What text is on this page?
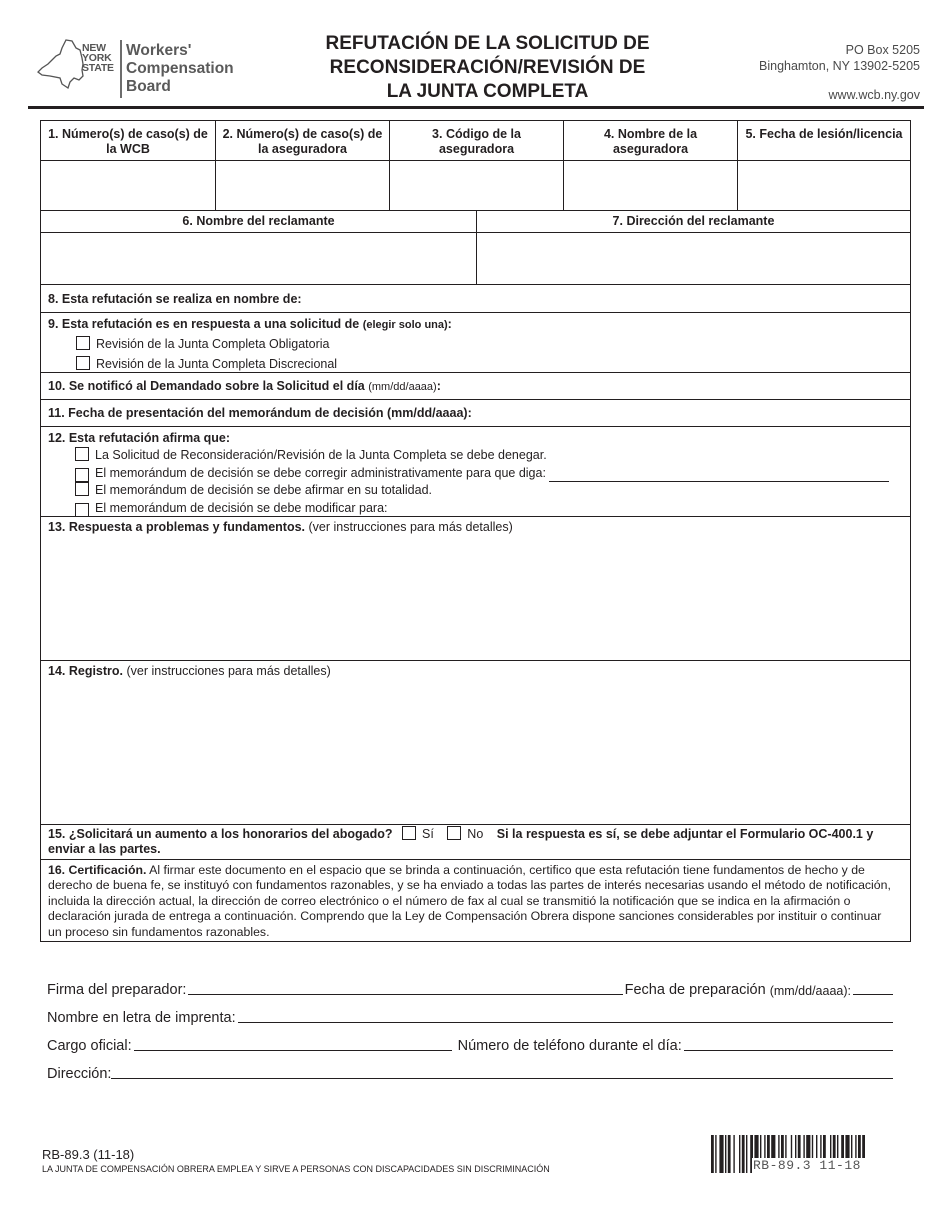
NEW
YORK
STATE
Workers'
Compensation
Board
REFUTACIÓN DE LA SOLICITUD DE
RECONSIDERACIÓN/REVISIÓN DE
LA JUNTA COMPLETA
PO Box 5205
Binghamton, NY 13902-5205
www.wcb.ny.gov
1. Número(s) de caso(s) de la WCB
2. Número(s) de caso(s) de la aseguradora
3. Código de la aseguradora
4. Nombre de la aseguradora
5. Fecha de lesión/licencia
6. Nombre del reclamante	7. Dirección del reclamante
8. Esta refutación se realiza en nombre de:
9. Esta refutación es en respuesta a una solicitud de (elegir solo una):
Revisión de la Junta Completa Obligatoria
Revisión de la Junta Completa Discrecional
10. Se notificó al Demandado sobre la Solicitud el día (mm/dd/aaaa):
11. Fecha de presentación del memorándum de decisión (mm/dd/aaaa):
12. Esta refutación afirma que:
La Solicitud de Reconsideración/Revisión de la Junta Completa se debe denegar.
El memorándum de decisión se debe corregir administrativamente para que diga:
El memorándum de decisión se debe afirmar en su totalidad.
El memorándum de decisión se debe modificar para:
13. Respuesta a problemas y fundamentos. (ver instrucciones para más detalles)
14. Registro. (ver instrucciones para más detalles)
15. ¿Solicitará un aumento a los honorarios del abogado? Sí	No Si la respuesta es sí, se debe adjuntar el Formulario OC-400.1 y
enviar a las partes.
16. Certificación. Al firmar este documento en el espacio que se brinda a continuación, certifico que esta refutación tiene fundamentos de hecho y de
derecho de buena fe, se instituyó con fundamentos razonables, y se ha enviado a todas las partes de interés necesarias usando el método de notificación,
incluida la dirección actual, la dirección de correo electrónico o el número de fax al cual se transmitió la notificación que se indica en la afirmación o
declaración jurada de entrega a continuación. Comprendo que la Ley de Compensación Obrera dispone sanciones considerables por instituir o continuar
un proceso sin fundamentos razonables.
Firma del preparador:	Fecha de preparación
(mm/dd/aaaa):
Nombre en letra de imprenta:
Cargo oficial:	Número de teléfono durante el día:
Dirección:
RB-89.3 (11-18)
LA JUNTA DE COMPENSACIÓN OBRERA EMPLEA Y SIRVE A PERSONAS CON DISCAPACIDADES SIN DISCRIMINACIÓN	RB-89.3 11-18
